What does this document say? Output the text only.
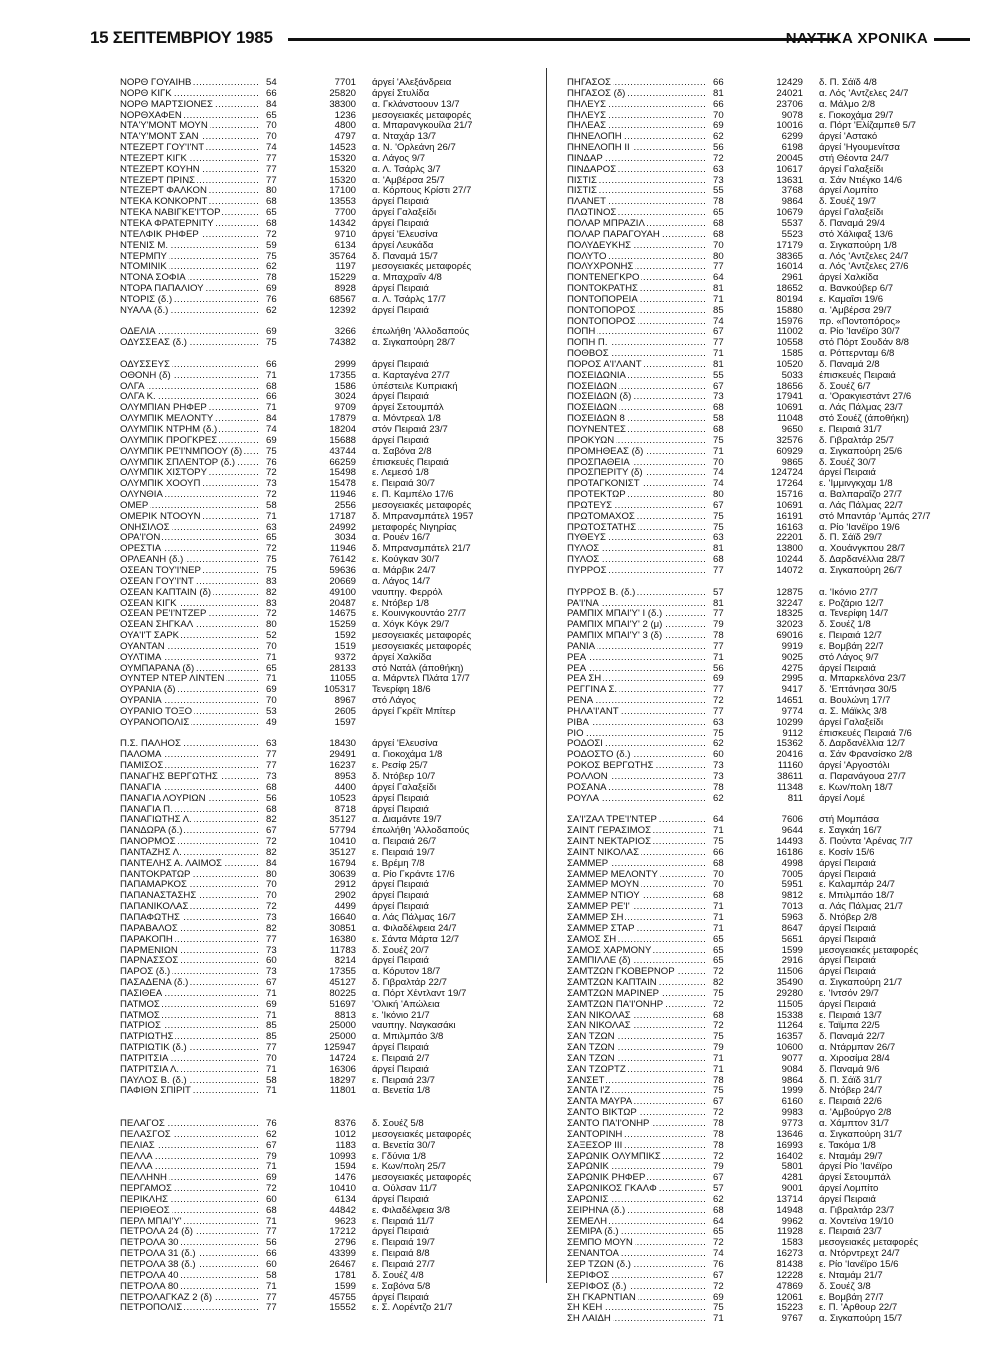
15 ΣΕΠΤΕΜΒΡΙΟΥ 1985	ΝΑΥΤΙΚΑ ΧΡΟΝΙΚΑ
..... ΝΟΡΘ ΓΟΥΑΙΗΒ	54	7701	άργεί 'Αλεξάνδρεια
..... ΝΟΡΘ ΚΙΓΚ	66	25820	άργεί Στυλίδα
..... ΝΟΡΘ ΜΑΡΤΣΙΟΝΕΣ	84	38300	α. Γκλάνστοουν 13/7
..... ΝΟΡΘΧΑΦΕΝ	65	1236	μεσογειακές μεταφορές
..... ΝΤΑ'Υ'ΜΟΝΤ ΜΟΥΝ	70	4800	α. Μπαρανγκουίλα 21/7
..... ΝΤΑ'Υ'ΜΟΝΤ ΣΑΝ	70	4797	α. Νταχάρ 13/7
..... ΝΤΕΖΕΡΤ ΓΟΥ'Ι'ΝΤ	74	14523	α. Ν. 'Ορλεάνη 26/7
..... ΝΤΕΖΕΡΤ ΚΙΓΚ	77	15320	α. Λάγος 9/7
..... ΝΤΕΖΕΡΤ ΚΟΥΗΝ	77	15320	α. Λ. Τσάρλς 3/7
..... ΝΤΕΖΕΡΤ ΠΡΙΝΣ	77	15320	α. 'Αμβέρσα 25/7
..... ΝΤΕΖΕΡΤ ΦΑΛΚΟΝ	80	17100	α. Κόρπους Κρίστι 27/7
..... ΝΤΕΚΑ ΚΟΝΚΟΡΝΤ	68	13553	άργεί Πειραιά
..... ΝΤΕΚΑ ΝΑΒΙΓΚΕ'Ι'ΤΟΡ	65	7700	άργεί Γαλαξείδι
..... ΝΤΕΚΑ ΦΡΑΤΕΡΝΙΤΥ	68	14342	άργεί Πειραιά
..... ΝΤΕΛΦΙΚ ΡΗΦΕΡ	72	9710	άργεί 'Ελευσίνα
..... ΝΤΕΝΙΣ Μ.	59	6134	άργεί Λευκάδα
..... ΝΤΕΡΜΠΥ	75	35764	δ. Παναμά 15/7
..... ΝΤΟΜΙΝΙΚ	62	1197	μεσογειακές μεταφορές
..... ΝΤΟΝΑ ΣΟΦΙΑ	78	15229	α. Μπαχραΐν 4/8
..... ΝΤΟΡΑ ΠΑΠΑΛΙΟΥ	69	8928	άργεί Πειραιά
..... ΝΤΟΡΙΣ (δ.)	76	68567	α. Λ. Τσάρλς 17/7
..... ΝΥΑΛΑ (δ.)	62	12392	άργεί Πειραιά
..... ΟΔΕΛΙΑ	69	3266	έπωλήθη 'Αλλοδαπούς
..... ΟΔΥΣΣΕΑΣ (δ.)	75	74382	α. Σιγκαπούρη 28/7
..... ΟΔΥΣΣΕΥΣ	66	2999	άργεί Πειραιά
..... ΟΘΟΝΗ (δ)	71	17355	α. Καρταγένα 27/7
..... ΟΛΓΑ	68	1586	ύπέστειλε Κυπριακή
..... ΟΛΓΑ Κ.	66	3024	άργεί Πειραιά
..... ΟΛΥΜΠΙΑΝ ΡΗΦΕΡ	71	9709	άργεί Σετουμπάλ
..... ΟΛΥΜΠΙΚ ΜΕΛΟΝΤΥ	84	17879	α. Μόντρεαλ 1/8
..... ΟΛΥΜΠΙΚ ΝΤΡΗΜ (δ.)	74	18204	στόν Πειραιά 23/7
..... ΟΛΥΜΠΙΚ ΠΡΟΓΚΡΕΣ	69	15688	άργεί Πειραιά
..... ΟΛΥΜΠΙΚ ΡΕ'Ι'ΝΜΠΟΟΥ (δ)	75	43744	α. Σαβόνα 2/8
..... ΟΛΥΜΠΙΚ ΣΠΛΕΝΤΟΡ (δ.)	76	66259	έπισκευές Πειραιά
..... ΟΛΥΜΠΙΚ ΧΙΣΤΟΡΥ	72	15498	ε. Λεμεσό 1/8
..... ΟΛΥΜΠΙΚ ΧΟΟΥΠ	73	15478	ε. Πειραιά 30/7
..... ΟΛΥΝΘΙΑ	72	11946	ε. Π. Καμπέλο 17/6
..... ΟΜΕΡ	58	2556	μεσογειακές μεταφορές
..... ΟΜΕΡΙΚ ΝΤΟΟΥΝ	71	17187	δ. Μπρανσμπάτελ 1957
..... ΟΝΗΣΙΛΟΣ	63	24992	μεταφορές Νιγηρίας
..... ΟΡΑ'Ι'ΟΝ	65	3034	α. Ρουέν 16/7
..... ΟΡΕΣΤΙΑ	72	11946	δ. Μπρανσμπάτελ 21/7
..... ΟΡΛΕΑΝΗ (δ.)	75	76142	ε. Κούγκαν 30/7
..... ΟΣΕΑΝ ΤΟΥ'Ι'ΝΕΡ	75	59636	α. Μάρβικ 24/7
..... ΟΣΕΑΝ ΓΟΥ'Ι'ΝΤ	83	20669	α. Λάγος 14/7
..... ΟΣΕΑΝ ΚΑΠΤΑΙΝ (δ)	82	49100	ναυπηγ. Φερρόλ
..... ΟΣΕΑΝ ΚΙΓΚ	83	20487	ε. Ντόβερ 1/8
..... ΟΣΕΑΝ ΡΕ'Ι'ΝΤΖΕΡ	72	14675	ε. Κουινγκουντάο 27/7
..... ΟΣΕΑΝ ΣΗΓΚΑΛ	80	15259	α. Χόγκ Κόγκ 29/7
..... ΟΥΑ'Ι'Τ ΣΑΡΚ	52	1592	μεσογειακές μεταφορές
..... ΟΥΑΝΤΑΝ	70	1519	μεσογειακές μεταφορές
..... ΟΥΛΤΙΜΑ	71	9372	άργεί Χαλκίδα
..... ΟΥΜΠΑΡΑΝΑ (δ)	65	28133	στό Νατάλ (άποθήκη)
..... ΟΥΝΤΕΡ ΝΤΕΡ ΛΙΝΤΕΝ	71	11055	α. Μάρντελ Πλάτα 17/7
..... ΟΥΡΑΝΙΑ (δ)	69	105317	Τενερίφη 18/6
..... ΟΥΡΑΝΙΑ	70	8967	στό Λάγος
..... ΟΥΡΑΝΙΟ ΤΟΞΟ	53	2605	άργεί Γκρέϊτ Μπίτερ
..... ΟΥΡΑΝΟΠΟΛΙΣ	49	1597
..... Π.Σ. ΠΑΛΗΟΣ	63	18430	άργεί 'Ελευσίνα
..... ΠΑΛΟΜΑ	77	29491	α. Γιοκοχάμα 1/8
..... ΠΑΜΙΣΟΣ	77	16237	ε. Ρεσίφ 25/7
..... ΠΑΝΑΓΗΣ ΒΕΡΓΩΤΗΣ	73	8953	δ. Ντόβερ 10/7
..... ΠΑΝΑΓΙΑ	68	4400	άργεί Γαλαξείδι
..... ΠΑΝΑΓΙΑ ΛΟΥΡΙΩΝ	56	10523	άργεί Πειραιά
..... ΠΑΝΑΓΙΑ Π.	68	8718	άργεί Πειραιά
..... ΠΑΝΑΓΙΩΤΗΣ Λ.	82	35127	α. Διαμάντε 19/7
..... ΠΑΝΔΩΡΑ (δ.)	67	57794	έπωλήθη 'Αλλοδαπούς
..... ΠΑΝΟΡΜΟΣ	72	10410	α. Πειραιά 26/7
..... ΠΑΝΤΑΖΗΣ Λ.	82	35127	ε. Πειραιά 19/7
..... ΠΑΝΤΕΛΗΣ Α. ΛΑΙΜΟΣ	84	16794	ε. Βρέμη 7/8
..... ΠΑΝΤΟΚΡΑΤΩΡ	80	30639	α. Ρίο Γκράντε 17/6
..... ΠΑΠΑΜΑΡΚΟΣ	70	2912	άργεί Πειραιά
..... ΠΑΠΑΝΑΣΤΑΣΗΣ	70	2902	άργεί Πειραιά
..... ΠΑΠΑΝΙΚΟΛΑΣ	72	4499	άργεί Πειραιά
..... ΠΑΠΑΦΩΤΗΣ	73	16640	α. Λάς Πάλμας 16/7
..... ΠΑΡΑΒΑΛΟΣ	82	30851	α. Φιλαδέλφεια 24/7
..... ΠΑΡΑΚΟΠΗ	77	16380	ε. Σάντα Μάρτα 12/7
..... ΠΑΡΜΕΝΙΩΝ	73	11783	δ. Σουέζ 20/7
..... ΠΑΡΝΑΣΣΟΣ	60	8214	άργεί Πειραιά
..... ΠΑΡΟΣ (δ.)	73	17355	α. Κόρυτον 18/7
..... ΠΑΣΑΔΕΝΑ (δ.)	67	45127	δ. Γιβραλτάρ 22/7
..... ΠΑΣΙΘΕΑ	71	80225	α. Πόρτ Χέντλαντ 19/7
..... ΠΑΤΜΟΣ	69	51697	'Ολική 'Απώλεια
..... ΠΑΤΜΟΣ	71	8813	ε. 'Ικόνιο 21/7
..... ΠΑΤΡΙΟΣ	85	25000	ναυπηγ. Ναγκασάκι
..... ΠΑΤΡΙΩΤΗΣ	85	25000	α. Μπιλμπάο 3/8
..... ΠΑΤΡΙΩΤΙΚ (δ.)	77	125947	άργεί Πειραιά
..... ΠΑΤΡΙΤΣΙΑ	70	14724	ε. Πειραιά 2/7
..... ΠΑΤΡΙΤΣΙΑ Λ.	71	16306	άργεί Πειραιά
..... ΠΑΥΛΟΣ Β. (δ.)	58	18297	ε. Πειραιά 23/7
..... ΠΑΦΙΘΝ ΣΠΙΡΙΤ	71	11801	α. Βενετία 1/8
..... ΠΕΛΑΓΟΣ	76	8376	δ. Σουέζ 5/8
..... ΠΕΛΑΣΓΟΣ	62	1012	μεσογειακές μεταφορές
..... ΠΕΛΙΑΣ	67	1183	α. Βενετία 30/7
..... ΠΕΛΛΑ	79	10993	ε. Γδύνια 1/8
..... ΠΕΛΛΑ	71	1594	ε. Κων/πολη 25/7
..... ΠΕΛΛΗΝΗ	69	1476	μεσογειακές μεταφορές
..... ΠΕΡΓΑΜΟΣ	72	10410	α. Ούλσαν 11/7
..... ΠΕΡΙΚΛΗΣ	60	6134	άργεί Πειραιά
..... ΠΕΡΙΘΕΟΣ	68	44842	ε. Φιλαδέλφεια 3/8
..... ΠΕΡΛ ΜΠΑΙ'Υ'	71	9623	ε. Πειραιά 11/7
..... ΠΕΤΡΟΛΑ 24 (δ)	77	17212	άργεί Πειραιά
..... ΠΕΤΡΟΛΑ 30	56	2796	ε. Πειραιά 19/7
..... ΠΕΤΡΟΛΑ 31 (δ.)	66	43399	ε. Πειραιά 8/8
..... ΠΕΤΡΟΛΑ 38 (δ.)	60	26467	ε. Πειραιά 27/7
..... ΠΕΤΡΟΛΑ 40	58	1781	δ. Σουέζ 4/8
..... ΠΕΤΡΟΛΑ 80	71	1599	ε. Σαβόνα 5/8
..... ΠΕΤΡΟΛΑΓΚΑΖ 2 (δ)	77	45755	άργεί Πειραιά
..... ΠΕΤΡΟΠΟΛΙΣ	77	15552	ε. Σ. Λορέντζο 21/7
..... ΠΗΓΑΣΟΣ	66	12429	δ. Π. Σάϊδ 4/8
..... ΠΗΓΑΣΟΣ (δ)	81	24021	α. Λός 'Αντζελες 24/7
..... ΠΗΛΕΥΣ	66	23706	α. Μάλμο 2/8
..... ΠΗΛΕΥΣ	70	9078	ε. Γιοκοχάμα 29/7
..... ΠΗΛΕΑΣ	69	10016	α. Πόρτ 'Ελίζαμπεθ 5/7
..... ΠΗΝΕΛΟΠΗ	62	6299	άργεί 'Αστακό
..... ΠΗΝΕΛΟΠΗ ΙΙ	56	6198	άργεί 'Ηγουμενίτσα
..... ΠΙΝΔΑΡ	72	20045	στή Θέοντα 24/7
..... ΠΙΝΔΑΡΟΣ	63	10617	άργεί Γαλαξείδι
..... ΠΙΣΤΙΣ	73	13631	α. Σάν Ντιέγκο 14/6
..... ΠΙΣΤΙΣ	55	3768	άργεί Λομπίτο
..... ΠΛΑΝΕΤ	78	9864	δ. Σουέζ 19/7
..... ΠΛΩΤΙΝΟΣ	65	10679	άργεί Γαλαξείδι
..... ΠΟΛΑΡ ΜΠΡΑΖΙΛ	68	5537	δ. Παναμά 29/4
..... ΠΟΛΑΡ ΠΑΡΑΓΟΥΑΗ	68	5523	στό Χάλιφαξ 13/6
..... ΠΟΛΥΔΕΥΚΗΣ	70	17179	α. Σιγκαπούρη 1/8
..... ΠΟΛΥΤΟ	80	38365	α. Λός 'Αντζελες 24/7
..... ΠΟΛΥΧΡΟΝΗΣ	77	16014	α. Λός 'Αντζελες 27/6
..... ΠΟΝΤΕΝΕΓΚΡΟ	64	2961	άργεί Χαλκίδα
..... ΠΟΝΤΟΚΡΑΤΗΣ	81	18652	α. Βανκούβερ 6/7
..... ΠΟΝΤΟΠΟΡΕΙΑ	71	80194	ε. Καμαΐσι 19/6
..... ΠΟΝΤΟΠΟΡΟΣ	85	15880	α. 'Αμβέρσα 29/7
..... ΠΟΝΤΟΠΟΡΟΣ	74	15976	πρ. «Ποντοπόρος»
..... ΠΟΠΗ	67	11002	α. Ρίο 'Ιανέϊρο 30/7
..... ΠΟΠΗ Π.	77	10558	στό Πόρτ Σουδάν 8/8
..... ΠΟΘΒΟΣ	71	1585	α. Ρόττερνταμ 6/8
..... ΠΟΡΟΣ Α'Ι'ΛΑΝΤ	81	10520	δ. Παναμά 2/8
..... ΠΟΣΕΙΔΩΝΙΑ	55	5033	έπισκευές Πειραιά
..... ΠΟΣΕΙΔΩΝ	67	18656	δ. Σουέζ 6/7
..... ΠΟΣΕΙΔΩΝ (δ)	73	17941	α. 'Ορακγιεστάντ 27/6
..... ΠΟΣΕΙΔΩΝ	68	10691	α. Λάς Πάλμας 23/7
..... ΠΟΣΕΙΔΩΝ 8	58	11048	στό Σουέζ (άποθήκη)
..... ΠΟΥΝΕΝΤΕΣ	68	9650	ε. Πειραιά 31/7
..... ΠΡΟΚΥΩΝ	75	32576	δ. Γιβραλτάρ 25/7
..... ΠΡΟΜΗΘΕΑΣ (δ)	71	60929	α. Σιγκαπούρη 25/6
..... ΠΡΟΣΠΑΘΕΙΑ	70	9865	δ. Σουέζ 30/7
..... ΠΡΟΣΠΕΡΙΤΥ (δ)	74	124724	άργεί Πειραιά
..... ΠΡΟΤΑΓΚΟΝΙΣΤ	74	17264	ε. 'Ιμμινγκχαμ 1/8
..... ΠΡΟΤΕΚΤΩΡ	80	15716	α. Βαλπαραΐζο 27/7
..... ΠΡΩΤΕΥΣ	67	10691	α. Λάς Πάλμας 22/7
..... ΠΡΩΤΟΜΑΧΟΣ	75	16191	στό Μπαντάρ 'Αμπάς 27/7
..... ΠΡΩΤΟΣΤΑΤΗΣ	75	16163	α. Ρίο 'Ιανέϊρο 19/6
..... ΠΥΘΕΥΣ	63	22201	δ. Π. Σάϊδ 29/7
..... ΠΥΛΟΣ	81	13800	α. Χουάνγκπου 28/7
..... ΠΥΛΟΣ	68	10244	δ. Δαρδανέλλια 28/7
..... ΠΥΡΡΟΣ	77	14072	α. Σιγκαπούρη 26/7
..... ΠΥΡΡΟΣ Β. (δ.)	57	12875	α. 'Ικόνιο 27/7
..... ΡΑ'Ι'ΝΑ	81	32247	ε. Ροζάριο 12/7
..... ΡΑΜΠΙΧ ΜΠΑΙ'Υ' Ι (δ.)	77	18325	α. Τενερίφη 14/7
..... ΡΑΜΠΙΧ ΜΠΑΙ'Υ' 2 (μ)	79	32023	δ. Σουέζ 1/8
..... ΡΑΜΠΙΧ ΜΠΑΙ'Υ' 3 (δ)	78	69016	ε. Πειραιά 12/7
..... ΡΑΝΙΑ	77	9919	ε. Βομβάη 22/7
..... ΡΕΑ	71	9025	στό Λάγος 9/7
..... ΡΕΑ	56	4275	άργεί Πειραιά
..... ΡΕΑ ΣΗ	69	2995	α. Μπαρκελόνα 23/7
..... ΡΕΓΓΙΝΑ Σ.	77	9417	δ. 'Επτάνησα 30/5
..... ΡΕΝΑ	72	14651	α. Βουλώνη 17/7
..... ΡΗΛΑ'Ι'ΑΝΤ	77	9774	α. Σ. Μάϊκλς 3/8
..... ΡΙΒΑ	63	10299	άργεί Γαλαξείδι
..... ΡΙΟ	75	9112	έπισκευές Πειραιά 7/6
..... ΡΟΔΟΣΙ	62	15362	δ. Δαρδανέλλια 12/7
..... ΡΟΔΟΣΤΟ (δ.)	60	20416	α. Σάν Φρανσίσκο 2/8
..... ΡΟΚΟΣ ΒΕΡΓΩΤΗΣ	73	11160	άργεί 'Αργοστόλι
..... ΡΟΛΛΟΝ	73	38611	α. Παρανάγουα 27/7
..... ΡΟΣΑΝΑ	78	11348	ε. Κων/πολη 18/7
..... ΡΟΥΛΑ	62	811	άργεί Λομέ
..... ΣΑ'Ι'ΖΑΛ ΤΡΕ'Ι'ΝΤΕΡ	64	7606	στή Μομπάσα
..... ΣΑΙΝΤ ΓΕΡΑΣΙΜΟΣ	71	9644	ε. Σαγκάη 16/7
..... ΣΑΙΝΤ ΝΕΚΤΑΡΙΟΣ	75	14493	δ. Πούντα 'Αρένας 7/7
..... ΣΑΙΝΤ ΝΙΚΟΛΑΣ	66	16186	ε. Κοσίν 15/6
..... ΣΑΜΜΕΡ	68	4998	άργεί Πειραιά
..... ΣΑΜΜΕΡ ΜΕΛΟΝΤΥ	70	7005	άργεί Πειραιά
..... ΣΑΜΜΕΡ ΜΟΥΝ	70	5951	ε. Καλαμπάρ 24/7
..... ΣΑΜΜΕΡ ΝΤΙΟΥ	68	9812	ε. Μπιλμπάο 18/7
..... ΣΑΜΜΕΡ ΡΕ'Ι'	71	7013	α. Λάς Πάλμας 21/7
..... ΣΑΜΜΕΡ ΣΗ	71	5963	δ. Ντόβερ 2/8
..... ΣΑΜΜΕΡ ΣΤΑΡ	71	8647	άργεί Πειραιά
..... ΣΑΜΟΣ ΣΗ	65	5651	άργεί Πειραιά
..... ΣΑΜΟΣ ΧΑΡΜΟΝΥ	65	1599	μεσογειακές μεταφορές
..... ΣΑΜΠΙΛΛΕ (δ)	65	2916	άργεί Πειραιά
..... ΣΑΜΤΖΩΝ ΓΚΟΒΕΡΝΟΡ	72	11506	άργεί Πειραιά
..... ΣΑΜΤΖΩΝ ΚΑΠΤΑΙΝ	82	35490	α. Σιγκαπούρη 21/7
..... ΣΑΜΤΖΩΝ ΜΑΡΙΝΕΡ	75	29280	ε. 'Ιντσόν 29/7
..... ΣΑΜΤΖΩΝ ΠΑ'Ι'ΟΝΗΡ	72	11505	άργεί Πειραιά
..... ΣΑΝ ΝΙΚΟΛΑΣ	68	15338	ε. Πειραιά 13/7
..... ΣΑΝ ΝΙΚΟΛΑΣ	72	11264	ε. Ταϊμπα 22/5
..... ΣΑΝ ΤΖΩΝ	75	16357	δ. Παναμά 22/7
..... ΣΑΝ ΤΖΩΝ	79	10600	α. Ντάρμπαν 26/7
..... ΣΑΝ ΤΖΩΝ	71	9077	α. Χιροσίμα 28/4
..... ΣΑΝ ΤΖΩΡΤΖ	71	9084	δ. Παναμά 9/6
..... ΣΑΝΣΕΤ	78	9864	δ. Π. Σάϊδ 31/7
..... ΣΑΝΤΑ Ι'Ζ	75	1999	δ. Ντόβερ 24/7
..... ΣΑΝΤΑ ΜΑΥΡΑ	67	6160	ε. Πειραιά 22/6
..... ΣΑΝΤΟ ΒΙΚΤΩΡ	72	9983	α. 'Αμβούργο 2/8
..... ΣΑΝΤΟ ΠΑ'Ι'ΟΝΗΡ	78	9773	α. Χάμπτον 31/7
..... ΣΑΝΤΟΡΙΝΗ	78	13646	α. Σιγκαπούρη 31/7
..... ΣΑΞΕΣΟΡ ΙΙΙ	78	16993	ε. Τακόμα 1/8
..... ΣΑΡΩΝΙΚ ΟΛΥΜΠΙΚΣ	72	16402	ε. Νταμάμ 29/7
..... ΣΑΡΩΝΙΚ	79	5801	άργεί Ρίο 'Ιανέϊρο
..... ΣΑΡΩΝΙΚ ΡΗΦΕΡ	67	4281	άργεί Σετουμπάλ
..... ΣΑΡΩΝΙΚΟΣ ΓΚΑΛΦ	57	9001	άργεί Λομπίτο
..... ΣΑΡΩΝΙΣ	62	13714	άργεί Πειραιά
..... ΣΕΙΡΗΝΑ (δ.)	68	14948	α. Γιβραλτάρ 23/7
..... ΣΕΜΕΛΗ	64	9962	α. Χοντεϊνα 19/10
..... ΣΕΜΙΡΑ (δ.)	65	11928	ε. Πειραιά 23/7
..... ΣΕΜΠΟ ΜΟΥΝ	72	1583	μεσογειακές μεταφορές
..... ΣΕΝΑΝΤΟΑ	74	16273	α. Ντόρντρεχτ 24/7
..... ΣΕΡ ΤΖΩΝ (δ.)	76	81438	ε. Ρίο 'Ιανέϊρο 15/6
..... ΣΕΡΙΦΟΣ	67	12228	ε. Νταμάμ 21/7
..... ΣΕΡΙΦΟΣ (δ.)	72	47869	δ. Σουέζ 3/8
..... ΣΗ ΓΚΑΡΝΤΙΑΝ	69	12061	ε. Βομβάη 27/7
..... ΣΗ ΚΕΗ	75	15223	ε. Π. 'Αρθουρ 22/7
..... ΣΗ ΛΑΙΔΗ	71	9767	α. Σιγκαπούρη 15/7
